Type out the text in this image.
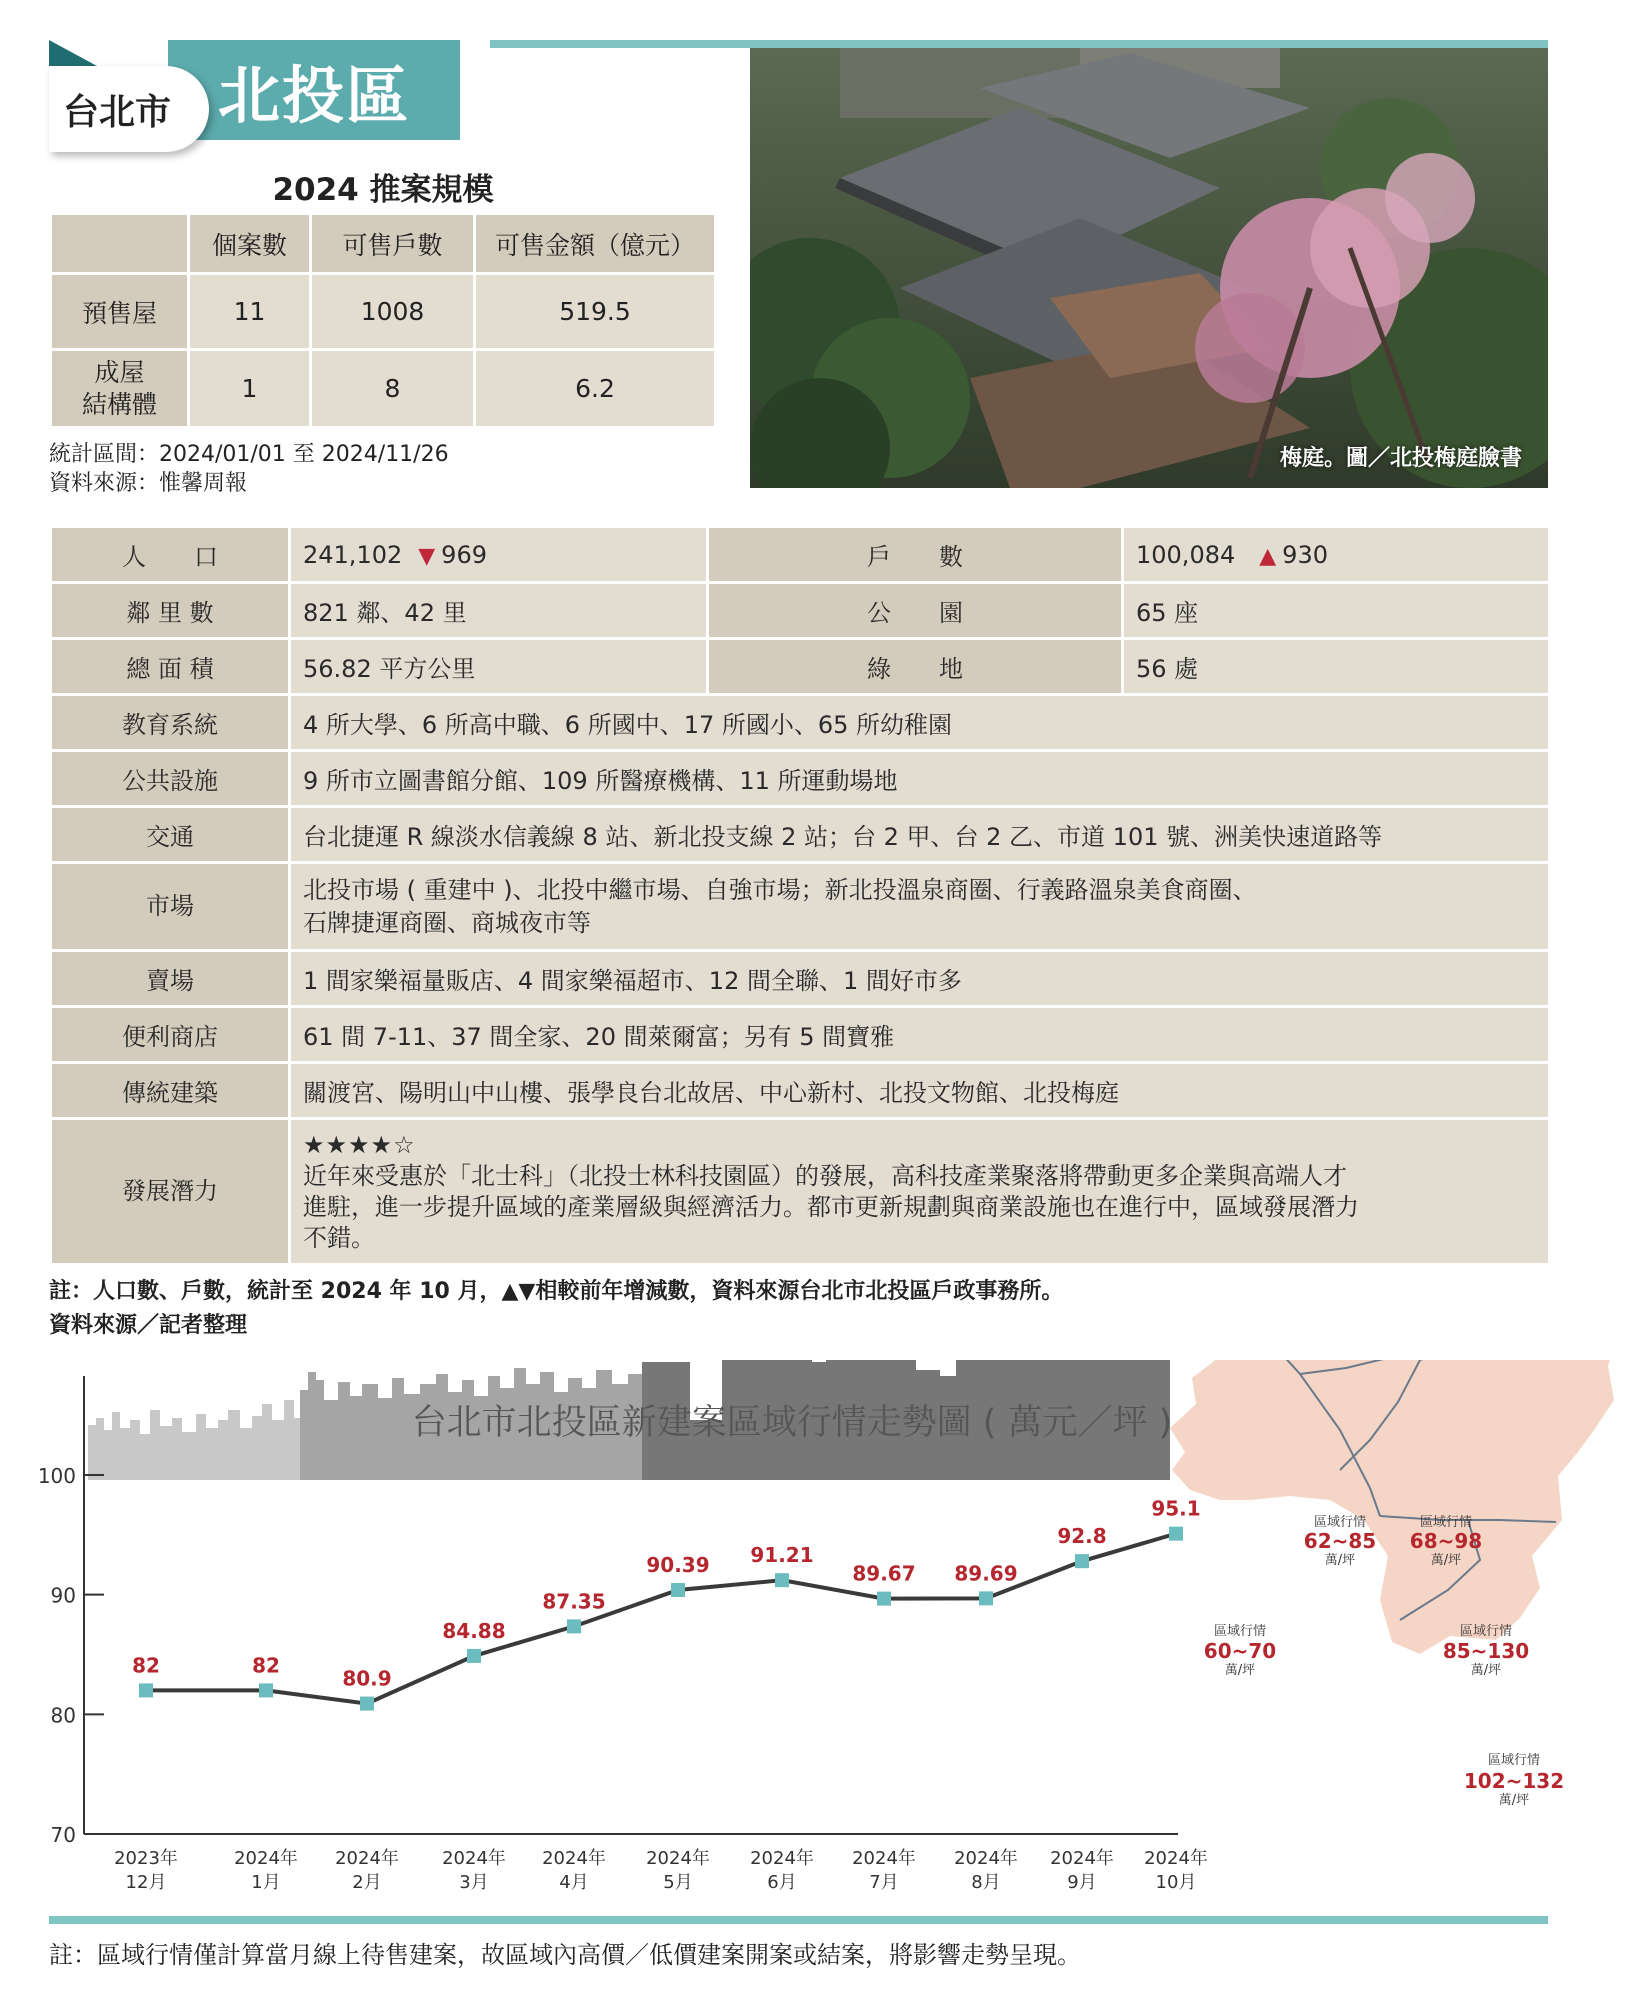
北投區
台北市
2024 推案規模
	個案數	可售戶數	可售金額（億元）
預售屋	11	1008	519.5
成屋
結構體	1	8	6.2
統計區間：2024/01/01 至 2024/11/26
資料來源：惟馨周報
梅庭。圖／北投梅庭臉書
人　　口	241,102 ▼ 969	戶　　數	100,084 ▲ 930
鄰 里 數	821 鄰、42 里	公　　園	65 座
總 面 積	56.82 平方公里	綠　　地	56 處
教育系統	4 所大學、6 所高中職、6 所國中、17 所國小、65 所幼稚園		
公共設施	9 所市立圖書館分館、109 所醫療機構、11 所運動場地		
交通	台北捷運 R 線淡水信義線 8 站、新北投支線 2 站；台 2 甲、台 2 乙、市道 101 號、洲美快速道路等		
市場	北投市場 ( 重建中 )、北投中繼市場、自強市場；新北投溫泉商圈、行義路溫泉美食商圈、
石牌捷運商圈、商城夜市等		
賣場	1 間家樂福量販店、4 間家樂福超市、12 間全聯、1 間好市多		
便利商店	61 間 7-11、37 間全家、20 間萊爾富；另有 5 間寶雅		
傳統建築	關渡宮、陽明山中山樓、張學良台北故居、中心新村、北投文物館、北投梅庭		
發展潛力	★★★★☆
近年來受惠於「北士科」（北投士林科技園區）的發展，高科技產業聚落將帶動更多企業與高端人才
進駐，進一步提升區域的產業層級與經濟活力。都市更新規劃與商業設施也在進行中，區域發展潛力
不錯。		
註：人口數、戶數，統計至 2024 年 10 月，▲▼相較前年增減數，資料來源台北市北投區戶政事務所。
資料來源／記者整理
70
80
90
100
2023年 12月
2024年 1月
2024年 2月
2024年 3月
2024年 4月
2024年 5月
2024年 6月
2024年 7月
2024年 8月
2024年 9月
2024年 10月
台北市北投區新建案區域行情走勢圖 ( 萬元／坪 )
82	82
80.9
84.88
87.35
90.39 91.21
89.67 89.69
92.8
95.1
區域行情
62~85
萬/坪
區域行情
68~98
萬/坪
區域行情
60~70
萬/坪
區域行情
85~130
萬/坪
區域行情
102~132
萬/坪
註：區域行情僅計算當月線上待售建案，故區域內高價／低價建案開案或結案，將影響走勢呈現。
